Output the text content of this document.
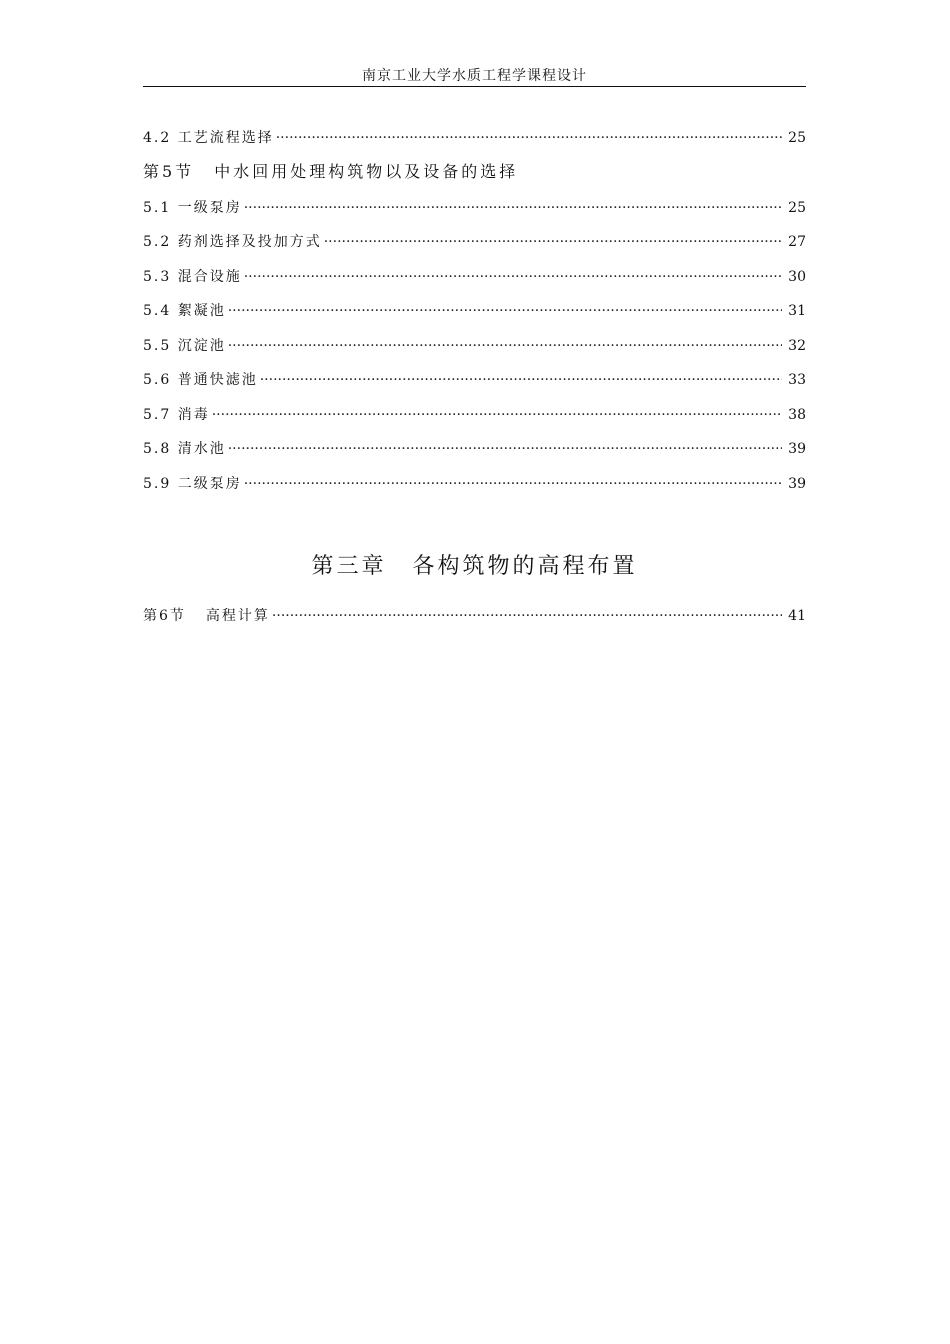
南京工业大学水质工程学课程设计
4.2 工艺流程选择 ·····	25
第5节 中水回用处理构筑物以及设备的选择
5.1 一级泵房 ·····	25
5.2 药剂选择及投加方式 ·····	27
5.3 混合设施 ·····	30
5.4 絮凝池 ·····	31
5.5 沉淀池 ·····	32
5.6 普通快滤池 ·····	33
5.7 消毒 ·····	38
5.8 清水池 ·····	39
5.9 二级泵房 ·····	39
第三章 各构筑物的高程布置
第6节 高程计算 ·····	41
